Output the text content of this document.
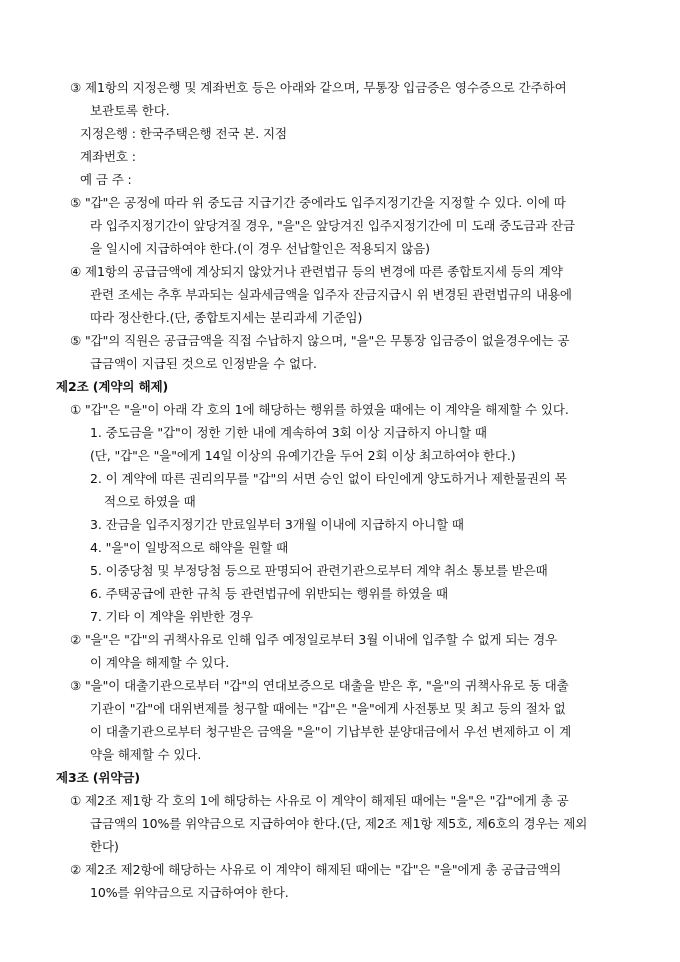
③ 제1항의 지정은행 및 계좌번호 등은 아래와 같으며, 무통장 입금증은 영수증으로 간주하여
보관토록 한다.
지정은행 : 한국주택은행 전국 본. 지점
계좌번호 :
예 금 주 :
⑤ "갑"은 공정에 따라 위 중도금 지급기간 중에라도 입주지정기간을 지정할 수 있다. 이에 따
라 입주지정기간이 앞당겨질 경우, "을"은 앞당겨진 입주지정기간에 미 도래 중도금과 잔금
을 일시에 지급하여야 한다.(이 경우 선납할인은 적용되지 않음)
④ 제1항의 공급금액에 계상되지 않았거나 관련법규 등의 변경에 따른 종합토지세 등의 계약
관련 조세는 추후 부과되는 실과세금액을 입주자 잔금지급시 위 변경된 관련법규의 내용에
따라 정산한다.(단, 종합토지세는 분리과세 기준임)
⑤ "갑"의 직원은 공급금액을 직접 수납하지 않으며, "을"은 무통장 입금증이 없을경우에는 공
급금액이 지급된 것으로 인정받을 수 없다.
제2조 (계약의 해제)
① "갑"은 "을"이 아래 각 호의 1에 해당하는 행위를 하였을 때에는 이 계약을 해제할 수 있다.
1. 중도금을 "갑"이 정한 기한 내에 계속하여 3회 이상 지급하지 아니할 때
(단, "갑"은 "을"에게 14일 이상의 유예기간을 두어 2회 이상 최고하여야 한다.)
2. 이 계약에 따른 권리의무를 "갑"의 서면 승인 없이 타인에게 양도하거나 제한물권의 목
적으로 하였을 때
3. 잔금을 입주지정기간 만료일부터 3개월 이내에 지급하지 아니할 때
4. "을"이 일방적으로 해약을 원할 때
5. 이중당첨 및 부정당첨 등으로 판명되어 관련기관으로부터 계약 취소 통보를 받은때
6. 주택공급에 관한 규칙 등 관련법규에 위반되는 행위를 하였을 때
7. 기타 이 계약을 위반한 경우
② "을"은 "갑"의 귀책사유로 인해 입주 예정일로부터 3월 이내에 입주할 수 없게 되는 경우
이 계약을 해제할 수 있다.
③ "을"이 대출기관으로부터 "갑"의 연대보증으로 대출을 받은 후, "을"의 귀책사유로 동 대출
기관이 "갑"에 대위변제를 청구할 때에는 "갑"은 "을"에게 사전통보 및 최고 등의 절차 없
이 대출기관으로부터 청구받은 금액을 "을"이 기납부한 분양대금에서 우선 변제하고 이 계
약을 해제할 수 있다.
제3조 (위약금)
① 제2조 제1항 각 호의 1에 해당하는 사유로 이 계약이 해제된 때에는 "을"은 "갑"에게 총 공
급금액의 10%를 위약금으로 지급하여야 한다.(단, 제2조 제1항 제5호, 제6호의 경우는 제외
한다)
② 제2조 제2항에 해당하는 사유로 이 계약이 해제된 때에는 "갑"은 "을"에게 총 공급금액의
10%를 위약금으로 지급하여야 한다.
